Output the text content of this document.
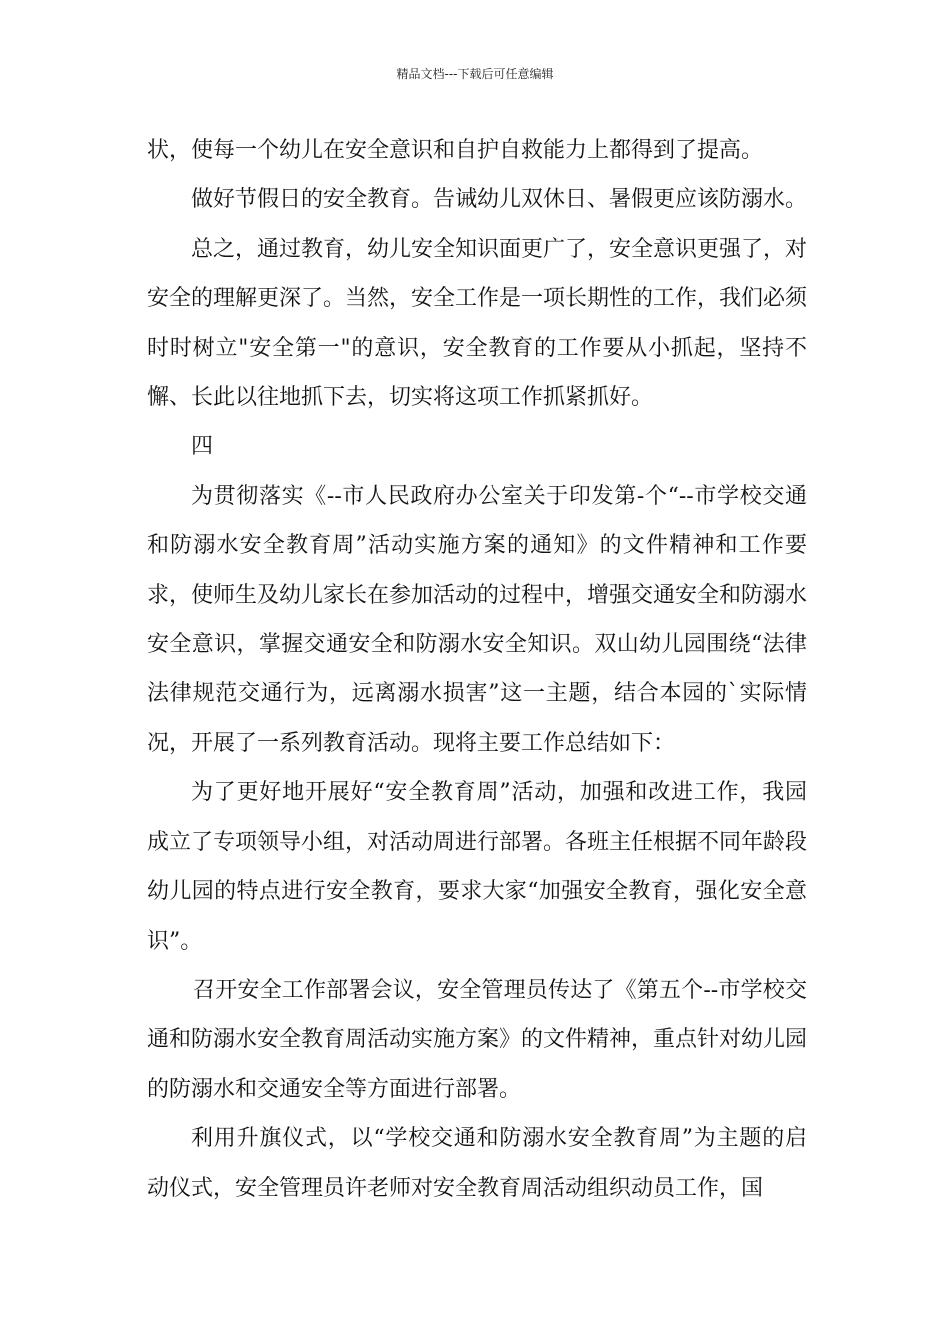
精品文档---下载后可任意编辑

状，使每一个幼儿在安全意识和自护自救能力上都得到了提高。

做好节假日的安全教育。告诫幼儿双休日、暑假更应该防溺水。

总之，通过教育，幼儿安全知识面更广了，安全意识更强了，对安全的理解更深了。当然，安全工作是一项长期性的工作，我们必须时时树立"安全第一"的意识，安全教育的工作要从小抓起，坚持不懈、长此以往地抓下去，切实将这项工作抓紧抓好。

四

为贯彻落实《--市人民政府办公室关于印发第-个“--市学校交通和防溺水安全教育周”活动实施方案的通知》的文件精神和工作要求，使师生及幼儿家长在参加活动的过程中，增强交通安全和防溺水安全意识，掌握交通安全和防溺水安全知识。双山幼儿园围绕“法律法律规范交通行为，远离溺水损害”这一主题，结合本园的`实际情况，开展了一系列教育活动。现将主要工作总结如下：

为了更好地开展好“安全教育周”活动，加强和改进工作，我园成立了专项领导小组，对活动周进行部署。各班主任根据不同年龄段幼儿园的特点进行安全教育，要求大家“加强安全教育，强化安全意识”。

召开安全工作部署会议，安全管理员传达了《第五个--市学校交通和防溺水安全教育周活动实施方案》的文件精神，重点针对幼儿园的防溺水和交通安全等方面进行部署。

利用升旗仪式，以“学校交通和防溺水安全教育周”为主题的启动仪式，安全管理员许老师对安全教育周活动组织动员工作，国
